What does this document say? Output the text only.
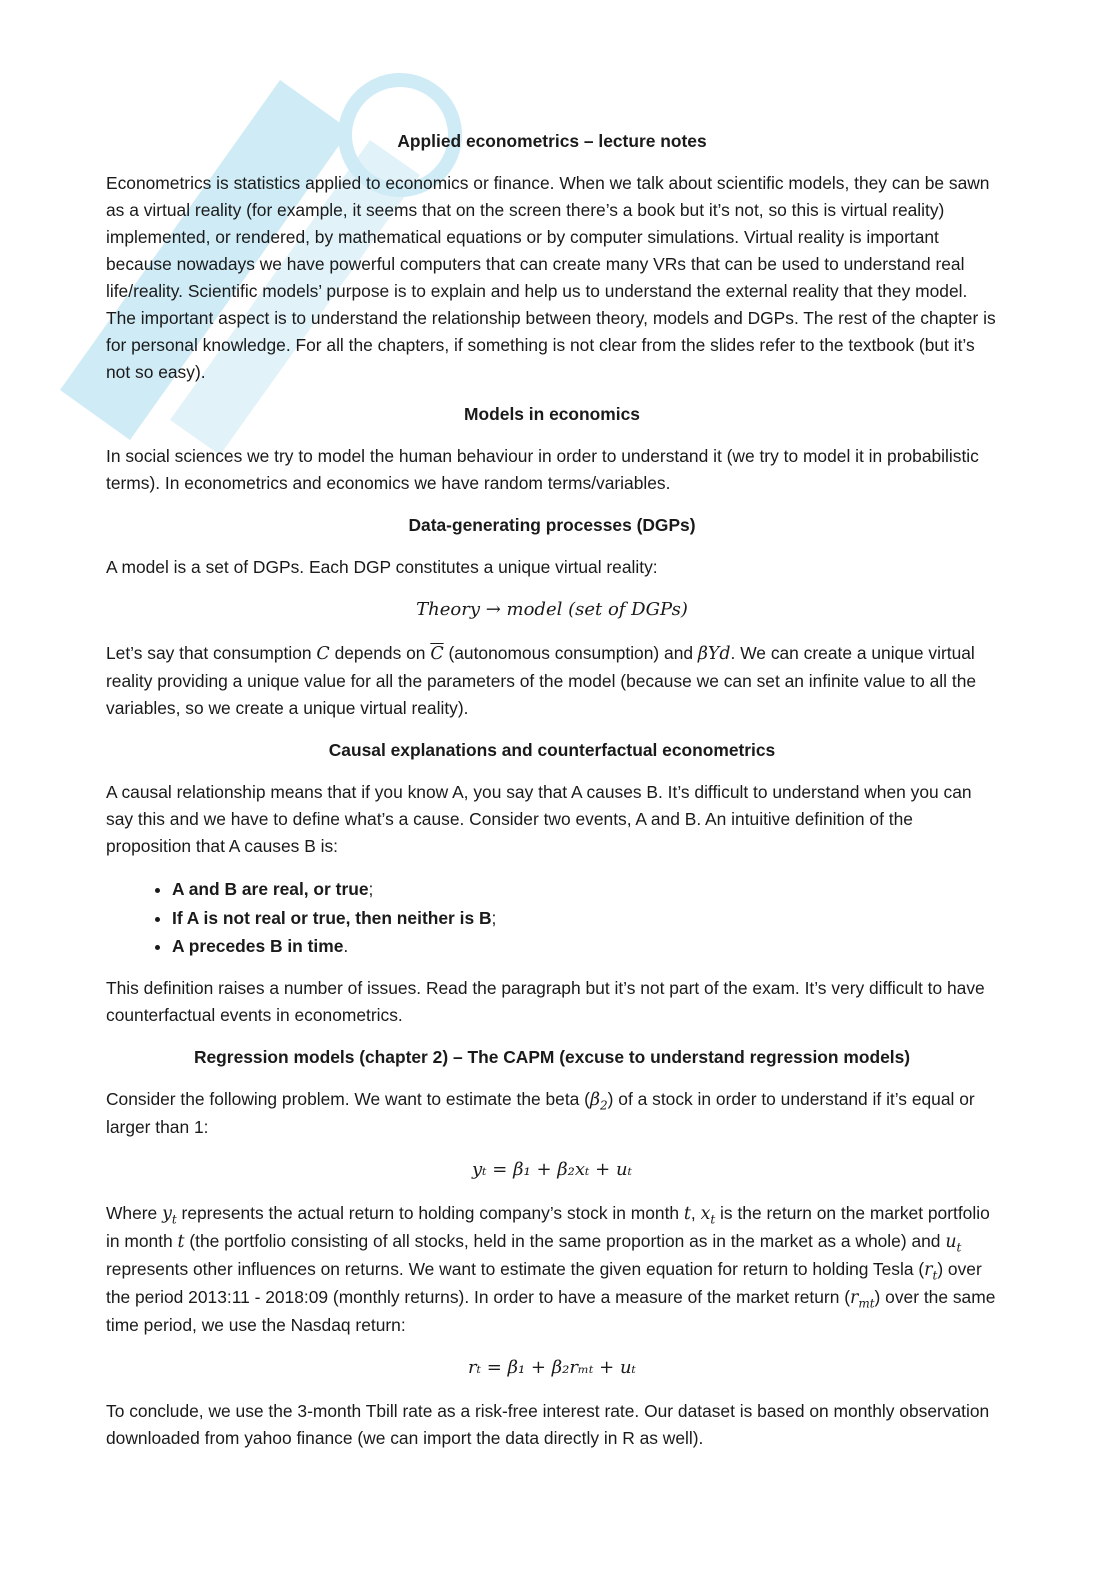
Applied econometrics – lecture notes

Econometrics is statistics applied to economics or finance. When we talk about scientific models, they can be sawn as a virtual reality (for example, it seems that on the screen there’s a book but it’s not, so this is virtual reality) implemented, or rendered, by mathematical equations or by computer simulations. Virtual reality is important because nowadays we have powerful computers that can create many VRs that can be used to understand real life/reality. Scientific models’ purpose is to explain and help us to understand the external reality that they model. The important aspect is to understand the relationship between theory, models and DGPs. The rest of the chapter is for personal knowledge. For all the chapters, if something is not clear from the slides refer to the textbook (but it’s not so easy).

Models in economics

In social sciences we try to model the human behaviour in order to understand it (we try to model it in probabilistic terms). In econometrics and economics we have random terms/variables.

Data-generating processes (DGPs)

A model is a set of DGPs. Each DGP constitutes a unique virtual reality:

Theory → model (set of DGPs)

Let’s say that consumption C depends on $\overline{C}$ (autonomous consumption) and βYd. We can create a unique virtual reality providing a unique value for all the parameters of the model (because we can set an infinite value to all the variables, so we create a unique virtual reality).

Causal explanations and counterfactual econometrics

A causal relationship means that if you know A, you say that A causes B. It’s difficult to understand when you can say this and we have to define what’s a cause. Consider two events, A and B. An intuitive definition of the proposition that A causes B is:

• A and B are real, or true;
• If A is not real or true, then neither is B;
• A precedes B in time.

This definition raises a number of issues. Read the paragraph but it’s not part of the exam. It’s very difficult to have counterfactual events in econometrics.

Regression models (chapter 2) – The CAPM (excuse to understand regression models)

Consider the following problem. We want to estimate the beta $(\beta_2)$ of a stock in order to understand if it’s equal or larger than 1:

yₜ = β₁ + β₂xₜ + uₜ

Where $y_t$ represents the actual return to holding company’s stock in month t, $x_t$ is the return on the market portfolio in month t (the portfolio consisting of all stocks, held in the same proportion as in the market as a whole) and $u_t$ represents other influences on returns. We want to estimate the given equation for return to holding Tesla $(r_t)$ over the period 2013:11 - 2018:09 (monthly returns). In order to have a measure of the market return $(r_{mt})$ over the same time period, we use the Nasdaq return:

rₜ = β₁ + β₂rₘₜ + uₜ

To conclude, we use the 3-month Tbill rate as a risk-free interest rate. Our dataset is based on monthly observation downloaded from yahoo finance (we can import the data directly in R as well).
